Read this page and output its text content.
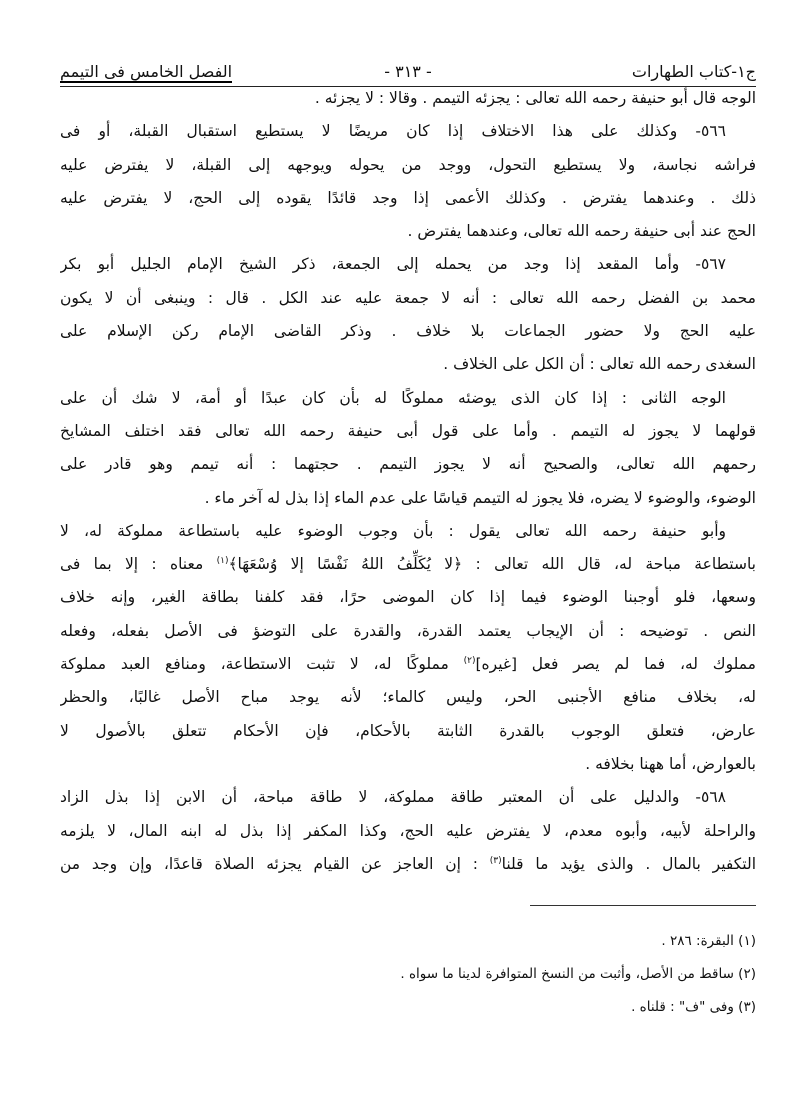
ج١-كتاب الطهارات
- ٣١٣ -
الفصل الخامس فى التيمم
الوجه قال أبو حنيفة رحمه الله تعالى : يجزئه التيمم . وقالا : لا يجزئه .
٥٦٦- وكذلك على هذا الاختلاف إذا كان مريضًا لا يستطيع استقبال القبلة، أو فى
فراشه نجاسة، ولا يستطيع التحول، ووجد من يحوله ويوجهه إلى القبلة، لا يفترض عليه
ذلك . وعندهما يفترض . وكذلك الأعمى إذا وجد قائدًا يقوده إلى الحج، لا يفترض عليه
الحج عند أبى حنيفة رحمه الله تعالى، وعندهما يفترض .
٥٦٧- وأما المقعد إذا وجد من يحمله إلى الجمعة، ذكر الشيخ الإمام الجليل أبو بكر
محمد بن الفضل رحمه الله تعالى : أنه لا جمعة عليه عند الكل . قال : وينبغى أن لا يكون
عليه الحج ولا حضور الجماعات بلا خلاف . وذكر القاضى الإمام ركن الإسلام على
السغدى رحمه الله تعالى : أن الكل على الخلاف .
الوجه الثانى : إذا كان الذى يوضئه مملوكًا له بأن كان عبدًا أو أمة، لا شك أن على
قولهما لا يجوز له التيمم . وأما على قول أبى حنيفة رحمه الله تعالى فقد اختلف المشايخ
رحمهم الله تعالى، والصحيح أنه لا يجوز التيمم . حجتهما : أنه تيمم وهو قادر على
الوضوء، والوضوء لا يضره، فلا يجوز له التيمم قياسًا على عدم الماء إذا بذل له آخر ماء .
وأبو حنيفة رحمه الله تعالى يقول : بأن وجوب الوضوء عليه باستطاعة مملوكة له، لا
باستطاعة مباحة له، قال الله تعالى : ﴿لا يُكَلِّفُ اللهُ نَفْسًا إلا وُسْعَهَا﴾$^{(١)}$ معناه : إلا بما فى
وسعها، فلو أوجبنا الوضوء فيما إذا كان الموضى حرًا، فقد كلفنا بطاقة الغير، وإنه خلاف
النص . توضيحه : أن الإيجاب يعتمد القدرة، والقدرة على التوضؤ فى الأصل بفعله، وفعله
مملوك له، فما لم يصر فعل [غيره]$^{(٢)}$ مملوكًا له، لا تثبت الاستطاعة، ومنافع العبد مملوكة
له، بخلاف منافع الأجنبى الحر، وليس كالماء؛ لأنه يوجد مباح الأصل غالبًا، والحظر
عارض، فتعلق الوجوب بالقدرة الثابتة بالأحكام، فإن الأحكام تتعلق بالأصول لا
بالعوارض، أما ههنا بخلافه .
٥٦٨- والدليل على أن المعتبر طاقة مملوكة، لا طاقة مباحة، أن الابن إذا بذل الزاد
والراحلة لأبيه، وأبوه معدم، لا يفترض عليه الحج، وكذا المكفر إذا بذل له ابنه المال، لا يلزمه
التكفير بالمال . والذى يؤيد ما قلنا$^{(٣)}$ : إن العاجز عن القيام يجزئه الصلاة قاعدًا، وإن وجد من
(١) البقرة: ٢٨٦ .
(٢) ساقط من الأصل، وأثبت من النسخ المتوافرة لدينا ما سواه .
(٣) وفى "ف" : قلناه .
